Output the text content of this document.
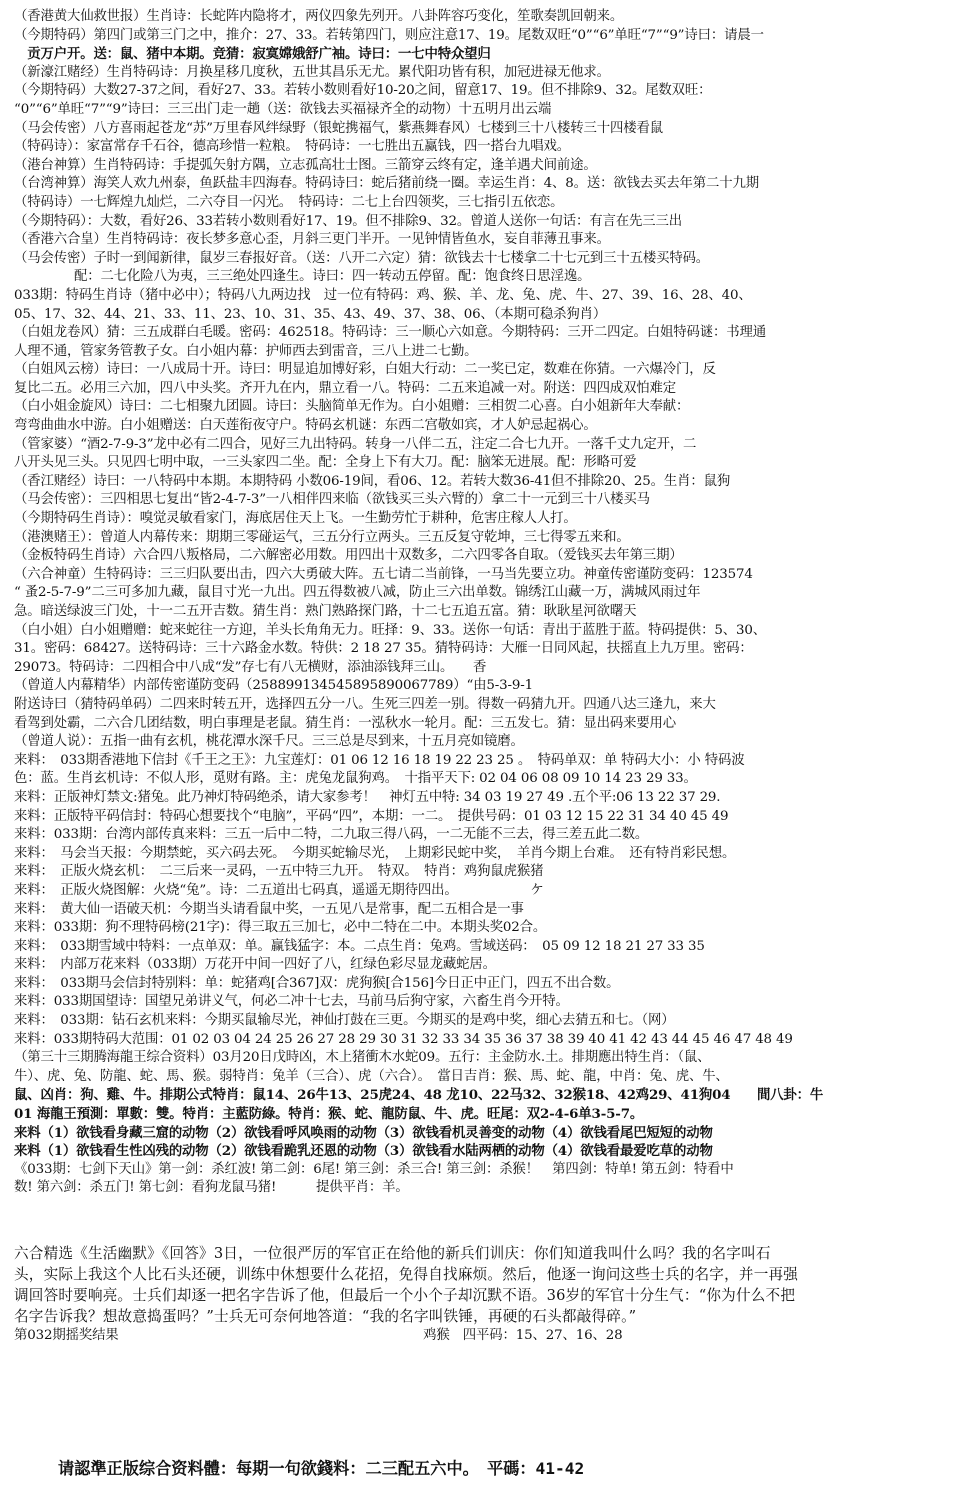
（香港黄大仙救世报）生肖诗：长蛇阵内隐将才，两仪四象先列开。八卦阵容巧变化，笙歌奏凯回朝来。
（今期特码）第四门或第三门之中，推介：27、33。若转第四门，则应注意17、19。尾数双旺“0”“6”单旺“7”“9”诗曰：请晨一
　贡万户开。送：鼠、猪中本期。竞猜：寂寞嫦娥舒广袖。诗曰：一七中特众望归
（新濠江赌经）生肖特码诗：月换星移几度秋，五世其昌乐无尤。累代阳功皆有积，加冠进禄无他求。
（今期特码）大数27-37之间，看好27、33。若转小数则看好10-20之间，留意17、19。但不排除9、32。尾数双旺：
“0”“6”单旺“7”“9”诗曰：三三出门走一趟（送：欲钱去买福禄齐全的动物）十五明月出云端
（马会传密）八方喜雨起苍龙“苏”万里春风绊绿野（银蛇携福气，紫燕舞春风）七楼到三十八楼转三十四楼看鼠
（特码诗）：家富常存千石谷，德高珍惜一粒粮。　特码诗：一七胜出五赢钱，四一搭台九唱戏。
（港台神算）生肖特码诗：手提弧矢射方隅，立志孤高壮士图。三箭穿云终有定，逢羊遇犬间前途。
（台湾神算）海笑人欢九州泰，鱼跃盐丰四海春。特码诗曰：蛇后猪前绕一圈。幸运生肖：4、8。送：欲钱去买去年第二十九期
（特码诗）一七辉煌九灿烂，二六夺目一闪光。　特码诗：二七上台四领奖，三七指引五依恋。
（今期特码）：大数，看好26、33若转小数则看好17、19。但不排除9、32。曾道人送你一句话：有言在先三三出
（香港六合皇）生肖特码诗：夜长梦多意心歪，月斜三更门半开。一见钟情皆鱼水，妄自菲薄丑事来。
（马会传密）子时一到闻新律，鼠岁三春报好音。（送：八开二六定）猜：欲钱去十七楼拿二十七元到三十五楼买特码。
配：二七化险八为夷，三三绝处四逢生。诗曰：四一转动五停留。配：饱食终日思淫逸。
033期：特码生肖诗（猪中必中）；特码八九两边找　过一位有特码：鸡、猴、羊、龙、兔、虎、牛、27、39、16、28、40、
05、17、32、44、21、33、11、23、10、31、35、43、49、37、38、06、（本期可稳杀狗肖）
（白姐龙卷风）猜：三五成群白毛暖。密码：462518。特码诗：三一顺心六如意。今期特码：三开二四定。白姐特码谜：书理通
人理不通，管家务管教子女。白小姐内幕：护师西去到雷音，三八上进二七勤。
（白姐风云榜）诗曰：一八成局十开。诗曰：明显追加博好彩，白姐大行动：二一奖已定，数难在你猜。一六爆冷门，反
复比二五。必用三六加，四八中头奖。齐开九在内，鼎立看一八。特码：二五来追减一对。附送：四四成双怕难定
（白小姐金旋风）诗曰：二七相聚九团圆。诗曰：头脑简单无作为。白小姐赠：三相贺二心喜。白小姐新年大奉献：
弯弯曲曲水中游。白小姐赠送：白天莲衔夜守户。特码玄机谜：东西二宫敬如宾，才人妒忌起祸心。
（管家婆）“酒2-7-9-3”龙中必有二四合，见好三九出特码。转身一八伴二五，注定二合七九开。一落千丈九定开，二
八开头见三头。只见四七明中取，一三头家四二坐。配：全身上下有大刀。配：脑笨无进展。配：形略可爱
（香江赌经）诗曰：一八特码中本期。本期特码 小数06-19间，看06、12。若转大数36-41但不排除20、25。生肖：鼠狗
（马会传密）：三四相思七复出“皆2-4-7-3”一八相伴四来临（欲钱买三头六臂的）拿二十一元到三十八楼买马
（今期特码生肖诗）：嗅觉灵敏看家门，海底居住天上飞。一生勤劳忙于耕种，危害庄稼人人打。
（港澳赌王）：曾道人内幕传来：期期三零碰运气，三五分行立两头。三五反复守乾坤，三七得零五来和。
（金板特码生肖诗）六合四八叛格局，二六解密必用数。用四出十双数多，二六四零各自取。（爱钱买去年第三期）
（六合神童）生特码诗：三三归队要出击，四六大勇破大阵。五七请二当前锋，一马当先要立功。神童传密谨防变码：123574
“ 蚤2-5-7-9”二三可多加九藏，鼠目寸光一九出。四五得数被八减，防止三六出单数。锦绣江山藏一万，满城风雨过年
急。暗送绿波三门处，十一二五开吉数。猜生肖：熟门熟路探门路，十二七五追五富。猜：耿耿星河欲曙天
（白小姐）白小姐赠赠：蛇来蛇往一方迎，羊头长角角无力。旺择：9、33。送你一句话：青出于蓝胜于蓝。特码提供：5、30、
31。密码：68427。送特码诗：三十六路金水数。特供：2 18 27 35。猜特码诗：大雁一日同风起，扶摇直上九万里。密码：
29073。特码诗：二四相合中八成“发”存七有八无横财，添油添钱拜三山。　　香
（曾道人内幕精华）内部传密谨防变码（258899134545895890067789）“由5-3-9-1
附送诗曰（猜特码单码）二四来时转五开，选择四五分一八。生死三四差一别。得数一码猜九开。四通八达三逢九，来大
看驾到处霸，二六合几团结数，明白事理是老鼠。猜生肖：一泓秋水一轮月。配：三五发七。猜：显出码来要用心
（曾道人说）：五指一曲有玄机，桃花潭水深千尺。三三总是尽到来，十五月亮如镜磨。
来料：　033期香港地下信封《千王之王》：九宝莲灯：01 06 12 16 18 19 22 23 25 。　特码单双：单 特码大小：小 特码波
色：蓝。生肖玄机诗：不似人形，觅财有路。主：虎兔龙鼠狗鸡。　十指平天下: 02 04 06 08 09 10 14 23 29 33。
来料：正版神灯禁文:猪兔。此乃神灯特码绝杀，请大家参考！　神灯五中特: 34 03 19 27 49 .五个平:06 13 22 37 29.
来料：正版特平码信封：特码心想要找个“电脑”，平码“四”，本期：一二。　提供号码：01 03 12 15 22 31 34 40 45 49
来料：033期：台湾内部传真来料：三五一后中二特，二九取三得八码，一二无能不三去，得三差五此二数。
来料：　马会当天报：今期禁蛇，买六码去死。　今期买蛇输尽光，　上期彩民蛇中奖，　羊肖今期上台难。　还有特肖彩民想。
来料：　正版火烧玄机：　二三后来一灵码，一五中特三九开。　特双。　特肖：鸡狗鼠虎猴猪
来料：　正版火烧图解：火烧“兔”。诗：二五道出七码真，遥遥无期待四出。　　　　　　ケ
来料：　黄大仙一语破天机：今期当头请看鼠中奖，一五见八是常事，配二五相合是一事
来料：033期：狗不理特码榜(21字)：得三取五三加七，必中二特在二中。本期头奖02合。
来料：　033期雪域中特料：一点单双：单。赢钱猛字：本。二点生肖：兔鸡。雪域送码：　05 09 12 18 21 27 33 35
来料：　内部万花来料（033期）万花开中间一四好了八，红绿色彩尽显龙藏蛇居。
来料：　033期马会信封特别料：单：蛇猪鸡[合367]双：虎狗猴[合156]今日正中正门，四五不出合数。
来料：033期国望诗：国望兄弟讲义气，何必二冲十七去，马前马后狗守家，六畜生肖今开特。
来料：　033期：钻石玄机来料：今期买鼠输尽光，神仙打鼓在三更。今期买的是鸡中奖，细心去猜五和七。（网）
来料：033期特码大范围：01 02 03 04 24 25 26 27 28 29 30 31 32 33 34 35 36 37 38 39 40 41 42 43 44 45 46 47 48 49
（第三十三期腾海龍王综合资料）03月20日戊時凶，木上猪衝木水蛇09。五行：主金防水.土。排期應出特生肖：（鼠、
牛）、虎、兔、防龍、蛇、馬、猴。弱特肖：兔羊（三合）、虎（六合）。　當日吉肖：猴、馬、蛇、龍，中肖：兔、虎、牛、
鼠、凶肖：狗、雞、牛。排期公式特肖：鼠14、26牛13、25虎24、48 龙10、22马32、32猴18、42鸡29、41狗04　　間八卦：牛
01 海龍王預測：單數：雙。特肖：主藍防綠。特肖：猴、蛇、龍防鼠、牛、虎。旺尾：双2-4-6单3-5-7。
来料（1）欲钱看身藏三窟的动物（2）欲钱看呼风唤雨的动物（3）欲钱看机灵善变的动物（4）欲钱看尾巴短短的动物
来料（1）欲钱看生性凶残的动物（2）欲钱看跪乳还恩的动物（3）欲钱看水陆两栖的动物（4）欲钱看最爱吃草的动物
《033期：七剑下天山》第一剑：杀红波! 第二剑：6尾! 第三剑：杀三合! 第三剑：杀猴！　第四剑：特单! 第五剑：特看中
数! 第六剑：杀五门! 第七剑：看狗龙鼠马猪!　　　提供平肖：羊。
六合精选《生活幽默》《回答》3日，一位很严厉的军官正在给他的新兵们训庆：你们知道我叫什么吗？我的名字叫石
头，实际上我这个人比石头还硬，训练中休想要什么花招，免得自找麻烦。然后，他逐一询问这些士兵的名字，并一再强
调回答时要响亮。士兵们却逐一把名字告诉了他，但最后一个小个子却沉默不语。36岁的军官十分生气：“你为什么不把
名字告诉我？想故意捣蛋吗？”士兵无可奈何地答道：“我的名字叫铁锤，再硬的石头都敲得碎。”
第032期摇奖结果　　　　　　　　　　　　　　　　　　　　　　　鸡猴　四平码：15、27、16、28
请認準正版综合资料體：每期一句欲錢料：二三配五六中。　平碼：41-42
